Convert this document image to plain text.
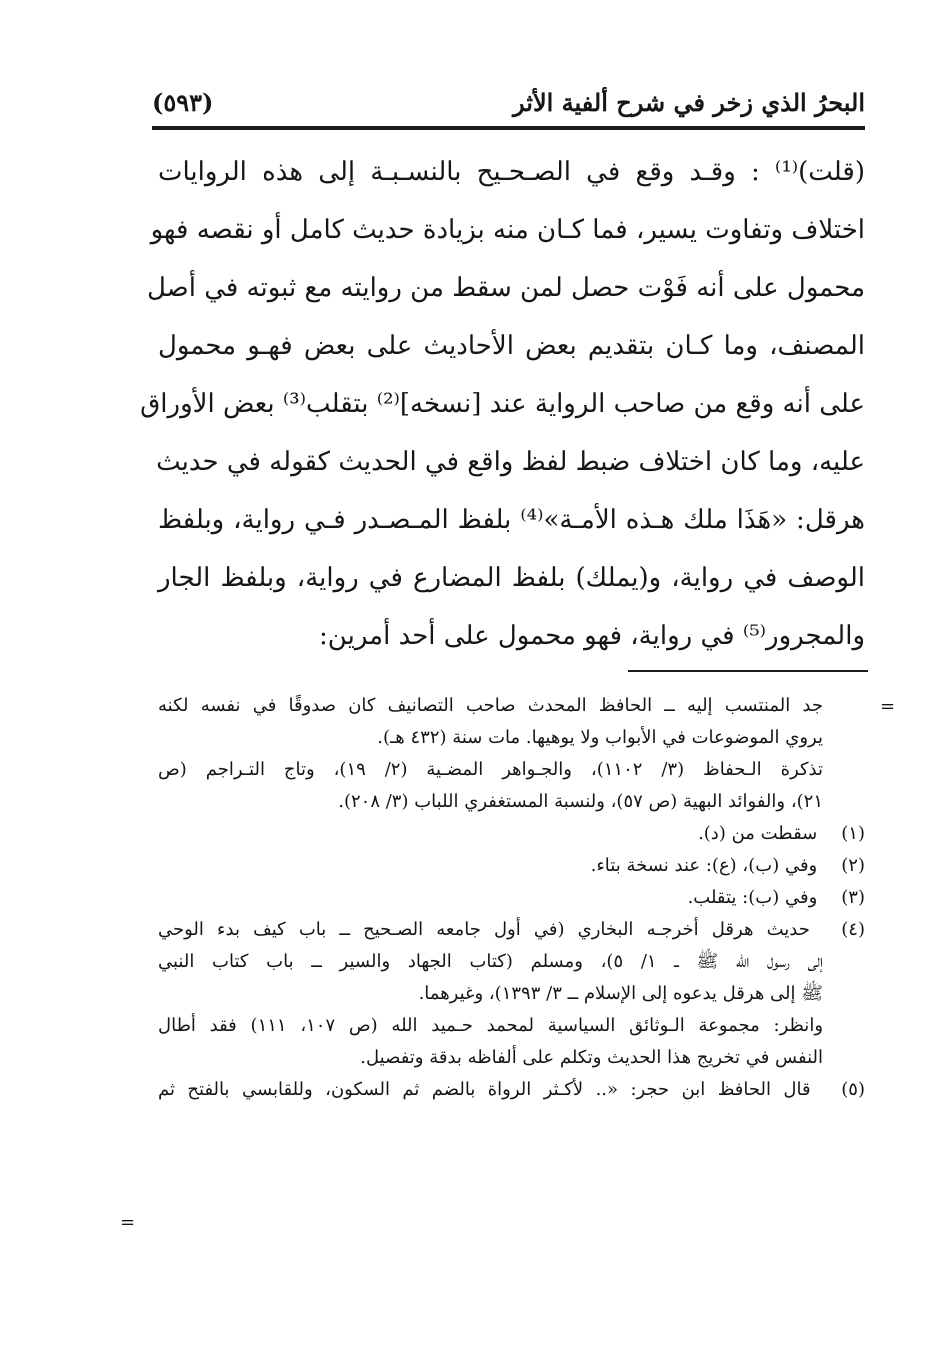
البحرُ الذي زخر في شرح ألفية الأثر
(٥٩٣)
(قلت)⁽¹⁾ : وقـد وقع في الصـحـيح بالنسـبـة إلى هذه الروايات
اختلاف وتفاوت يسير، فما كـان منه بزيادة حديث كامل أو نقصه فهو
محمول على أنه فَوْت حصل لمن سقط من روايته مع ثبوته في أصل
المصنف، وما كـان بتقديم بعض الأحاديث على بعض فهـو محمول
على أنه وقع من صاحب الرواية عند [نسخه]⁽²⁾ بتقلب⁽³⁾ بعض الأوراق
عليه، وما كان اختلاف ضبط لفظ واقع في الحديث كقوله في حديث
هرقل: «هَذَا ملك هـذه الأمـة»⁽⁴⁾ بلفظ المـصـدر فـي رواية، وبلفظ
الوصف في رواية، و(يملك) بلفظ المضارع في رواية، وبلفظ الجار
والمجرور⁽⁵⁾ في رواية، فهو محمول على أحد أمرين:
=
=
جد المنتسب إليه ــ الحافظ المحدث صاحب التصانيف كان صدوقًا في نفسه لكنه
يروي الموضوعات في الأبواب ولا يوهيها. مات سنة (٤٣٢ هـ).
تذكرة الـحفاظ (٣/ ١١٠٢)، والجـواهر المضـية (٢/ ١٩)، وتاج التـراجم (ص
٢١)، والفوائد البهية (ص ٥٧)، ولنسبة المستغفري اللباب (٣/ ٢٠٨).
(١) سقطت من (د).
(٢) وفي (ب)، (ع): عند نسخة بتاء.
(٣) وفي (ب): يتقلب.
(٤) حديث هرقل أخرجـه البخاري (في أول جامعه الصـحيح ــ باب كيف بدء الوحي
إلى رسول الله ﷺ ــ ١/ ٥)، ومسلم (كتاب الجهاد والسير ــ باب كتاب النبي
ﷺ إلى هرقل يدعوه إلى الإسلام ــ ٣/ ١٣٩٣)، وغيرهما.
وانظر: مجموعة الـوثائق السياسية لمحمد حـميد الله (ص ١٠٧، ١١١) فقد أطال
النفس في تخريج هذا الحديث وتكلم على ألفاظه بدقة وتفصيل.
(٥) قال الحافظ ابن حجر: «.. لأكـثر الرواة بالضم ثم السكون، وللقابسي بالفتح ثم
